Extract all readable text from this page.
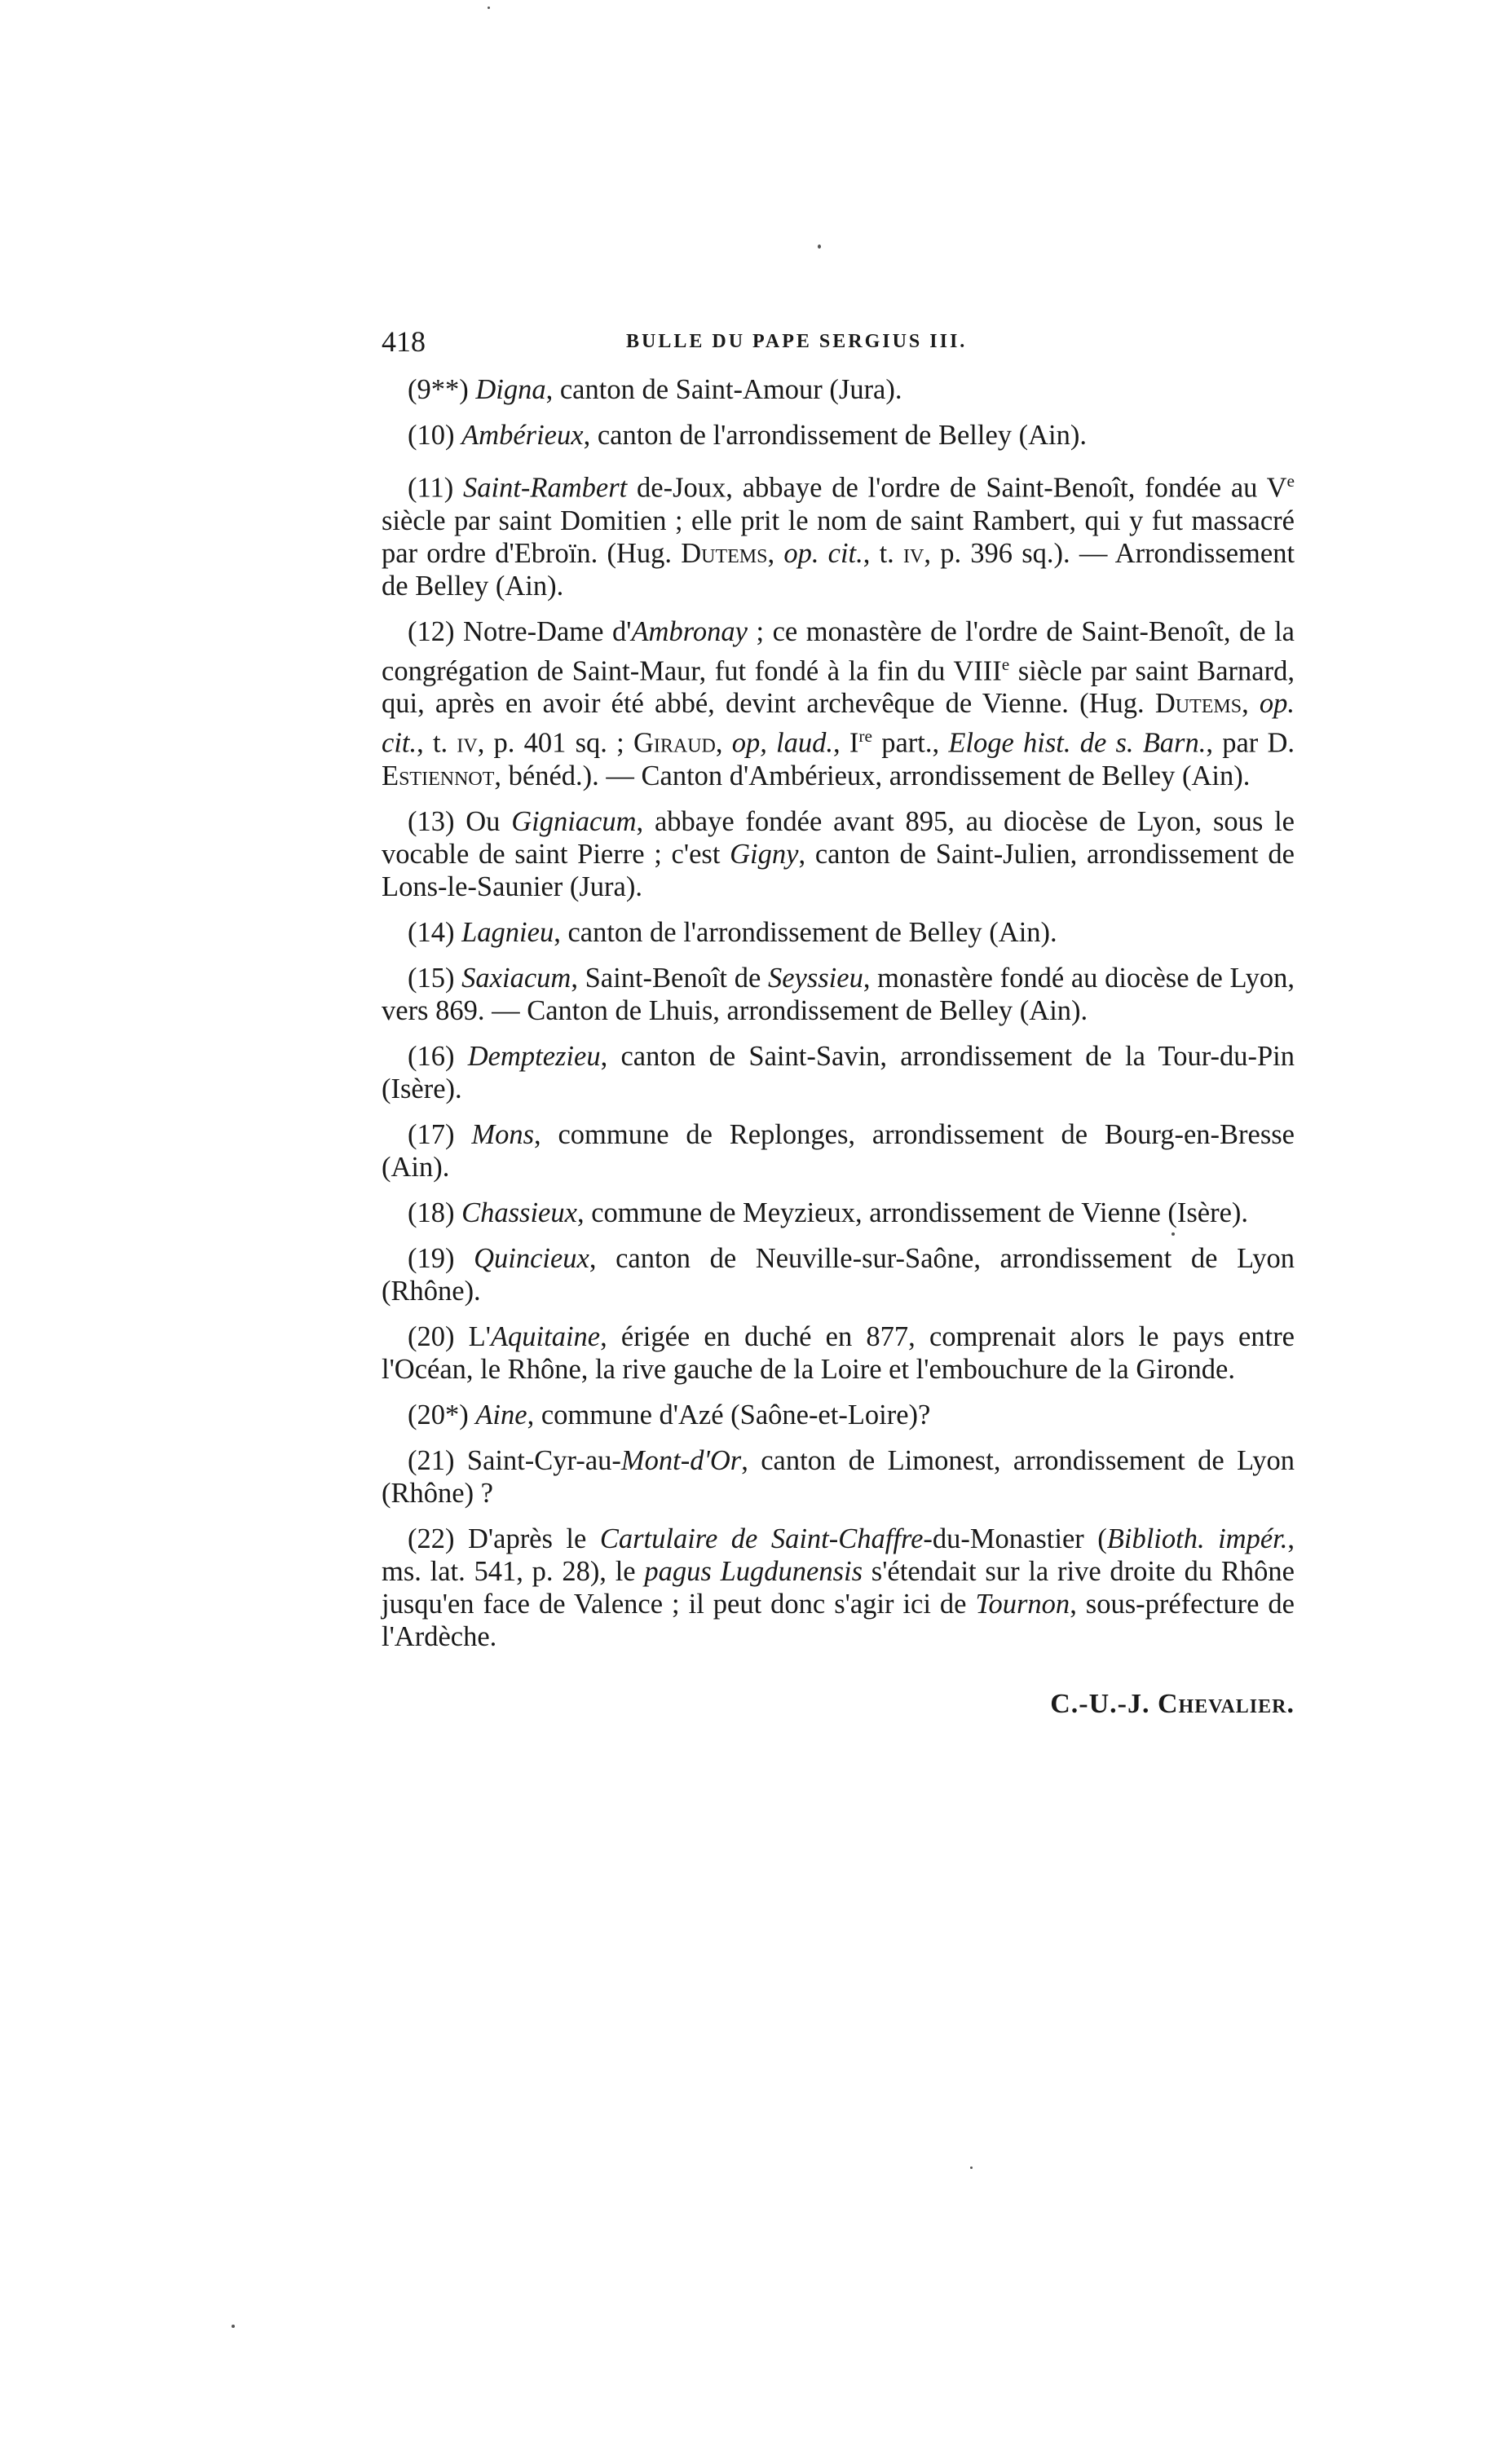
418	BULLE DU PAPE SERGIUS III.

(9**) Digna, canton de Saint-Amour (Jura).

(10) Ambérieux, canton de l'arrondissement de Belley (Ain).

(11) Saint-Rambert de-Joux, abbaye de l'ordre de Saint-Benoît, fondée au Ve siècle par saint Domitien ; elle prit le nom de saint Rambert, qui y fut massacré par ordre d'Ebroïn. (Hug. Dutems, op. cit., t. iv, p. 396 sq.). — Arrondissement de Belley (Ain).

(12) Notre-Dame d'Ambronay ; ce monastère de l'ordre de Saint-Benoît, de la congrégation de Saint-Maur, fut fondé à la fin du VIIIe siècle par saint Barnard, qui, après en avoir été abbé, devint archevêque de Vienne. (Hug. Dutems, op. cit., t. iv, p. 401 sq. ; Giraud, op, laud., Ire part., Eloge hist. de s. Barn., par D. Estiennot, bénéd.). — Canton d'Ambérieux, arrondissement de Belley (Ain).

(13) Ou Gigniacum, abbaye fondée avant 895, au diocèse de Lyon, sous le vocable de saint Pierre ; c'est Gigny, canton de Saint-Julien, arrondissement de Lons-le-Saunier (Jura).

(14) Lagnieu, canton de l'arrondissement de Belley (Ain).

(15) Saxiacum, Saint-Benoît de Seyssieu, monastère fondé au diocèse de Lyon, vers 869. — Canton de Lhuis, arrondissement de Belley (Ain).

(16) Demptezieu, canton de Saint-Savin, arrondissement de la Tour-du-Pin (Isère).

(17) Mons, commune de Replonges, arrondissement de Bourg-en-Bresse (Ain).

(18) Chassieux, commune de Meyzieux, arrondissement de Vienne (Isère).

(19) Quincieux, canton de Neuville-sur-Saône, arrondissement de Lyon (Rhône).

(20) L'Aquitaine, érigée en duché en 877, comprenait alors le pays entre l'Océan, le Rhône, la rive gauche de la Loire et l'embouchure de la Gironde.

(20*) Aine, commune d'Azé (Saône-et-Loire)?

(21) Saint-Cyr-au-Mont-d'Or, canton de Limonest, arrondissement de Lyon (Rhône) ?

(22) D'après le Cartulaire de Saint-Chaffre-du-Monastier (Biblioth. impér., ms. lat. 541, p. 28), le pagus Lugdunensis s'étendait sur la rive droite du Rhône jusqu'en face de Valence ; il peut donc s'agir ici de Tournon, sous-préfecture de l'Ardèche.

C.-U.-J. Chevalier.
